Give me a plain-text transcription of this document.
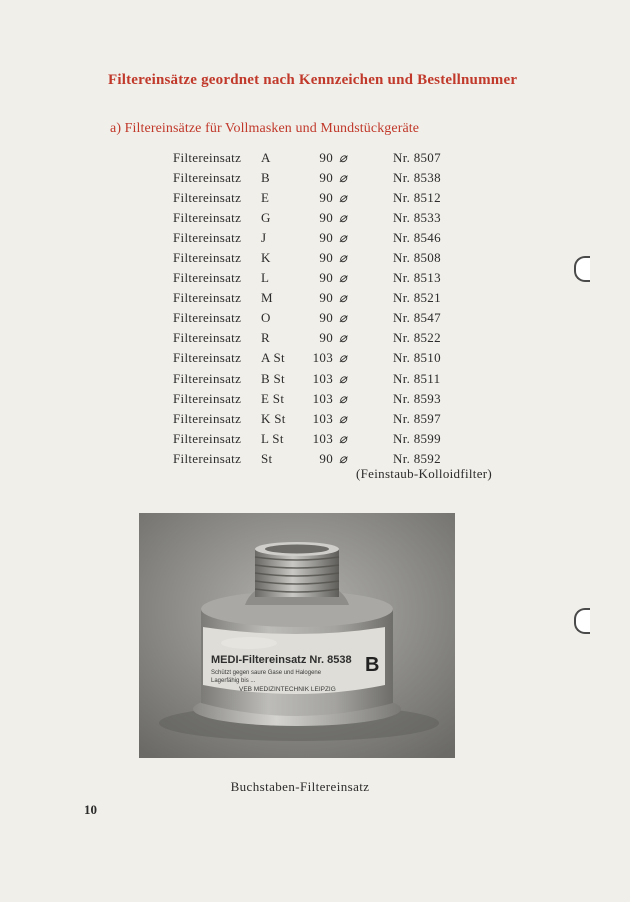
Filtereinsätze geordnet nach Kennzeichen und Bestellnummer
a) Filtereinsätze für Vollmasken und Mundstückgeräte
Filtereinsatz A	90 ⌀	Nr. 8507
Filtereinsatz B	90 ⌀	Nr. 8538
Filtereinsatz E	90 ⌀	Nr. 8512
Filtereinsatz G	90 ⌀	Nr. 8533
Filtereinsatz J	90 ⌀	Nr. 8546
Filtereinsatz K	90 ⌀	Nr. 8508
Filtereinsatz L	90 ⌀	Nr. 8513
Filtereinsatz M	90 ⌀	Nr. 8521
Filtereinsatz O	90 ⌀	Nr. 8547
Filtereinsatz R	90 ⌀	Nr. 8522
Filtereinsatz A St 103 ⌀	Nr. 8510
Filtereinsatz B St 103 ⌀	Nr. 8511
Filtereinsatz E St 103 ⌀	Nr. 8593
Filtereinsatz K St 103 ⌀	Nr. 8597
Filtereinsatz L St 103 ⌀	Nr. 8599
Filtereinsatz St	90 ⌀	Nr. 8592
(Feinstaub-Kolloidfilter)
MEDI-Filtereinsatz Nr. 8538
Schützt gegen saure Gase und Halogene
Lagerfähig bis ...
VEB MEDIZINTECHNIK LEIPZIG
B
Buchstaben-Filtereinsatz
10
